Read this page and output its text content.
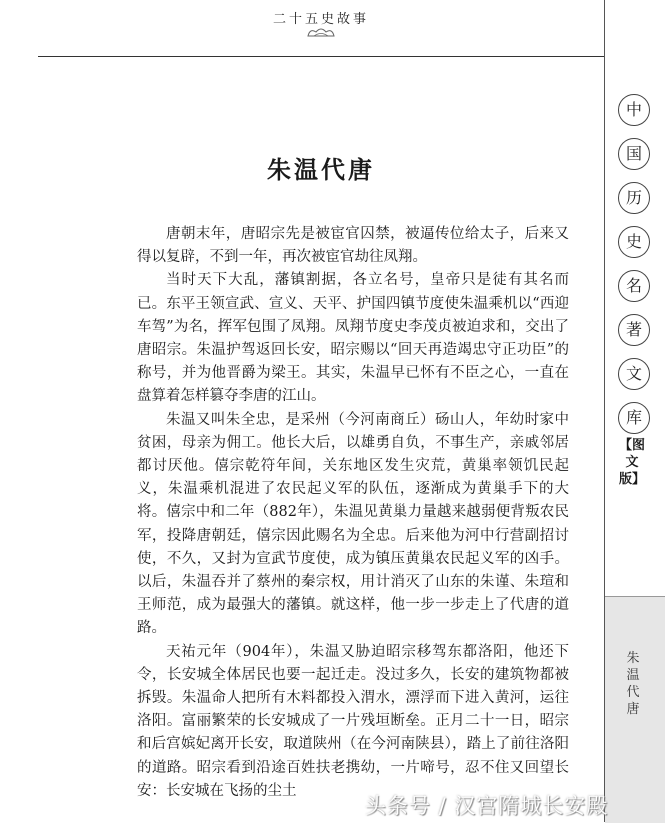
二十五史故事
中
国
历
史
名
著
文
库
【图文版】
朱温代唐
朱温代唐

唐朝末年，唐昭宗先是被宦官囚禁，被逼传位给太子，后来又得以复辟，不到一年，再次被宦官劫往凤翔。

当时天下大乱，藩镇割据，各立名号，皇帝只是徒有其名而已。东平王领宣武、宣义、天平、护国四镇节度使朱温乘机以“西迎车驾”为名，挥军包围了凤翔。凤翔节度史李茂贞被迫求和，交出了唐昭宗。朱温护驾返回长安，昭宗赐以“回天再造竭忠守正功臣”的称号，并为他晋爵为梁王。其实，朱温早已怀有不臣之心，一直在盘算着怎样篡夺李唐的江山。

朱温又叫朱全忠，是采州（今河南商丘）砀山人，年幼时家中贫困，母亲为佣工。他长大后，以雄勇自负，不事生产，亲戚邻居都讨厌他。僖宗乾符年间，关东地区发生灾荒，黄巢率领饥民起义，朱温乘机混进了农民起义军的队伍，逐渐成为黄巢手下的大将。僖宗中和二年（882年），朱温见黄巢力量越来越弱便背叛农民军，投降唐朝廷，僖宗因此赐名为全忠。后来他为河中行营副招讨使，不久，又封为宣武节度使，成为镇压黄巢农民起义军的凶手。以后，朱温吞并了蔡州的秦宗权，用计消灭了山东的朱谨、朱瑄和王师范，成为最强大的藩镇。就这样，他一步一步走上了代唐的道路。

天祐元年（904年），朱温又胁迫昭宗移驾东都洛阳，他还下令，长安城全体居民也要一起迁走。没过多久，长安的建筑物都被拆毁。朱温命人把所有木料都投入渭水，漂浮而下进入黄河，运往洛阳。富丽繁荣的长安城成了一片残垣断垒。正月二十一日，昭宗和后宫嫔妃离开长安，取道陕州（在今河南陕县），踏上了前往洛阳的道路。昭宗看到沿途百姓扶老携幼，一片啼号，忍不住又回望长安：长安城在飞扬的尘土

头条号 / 汉宫隋城长安殿
